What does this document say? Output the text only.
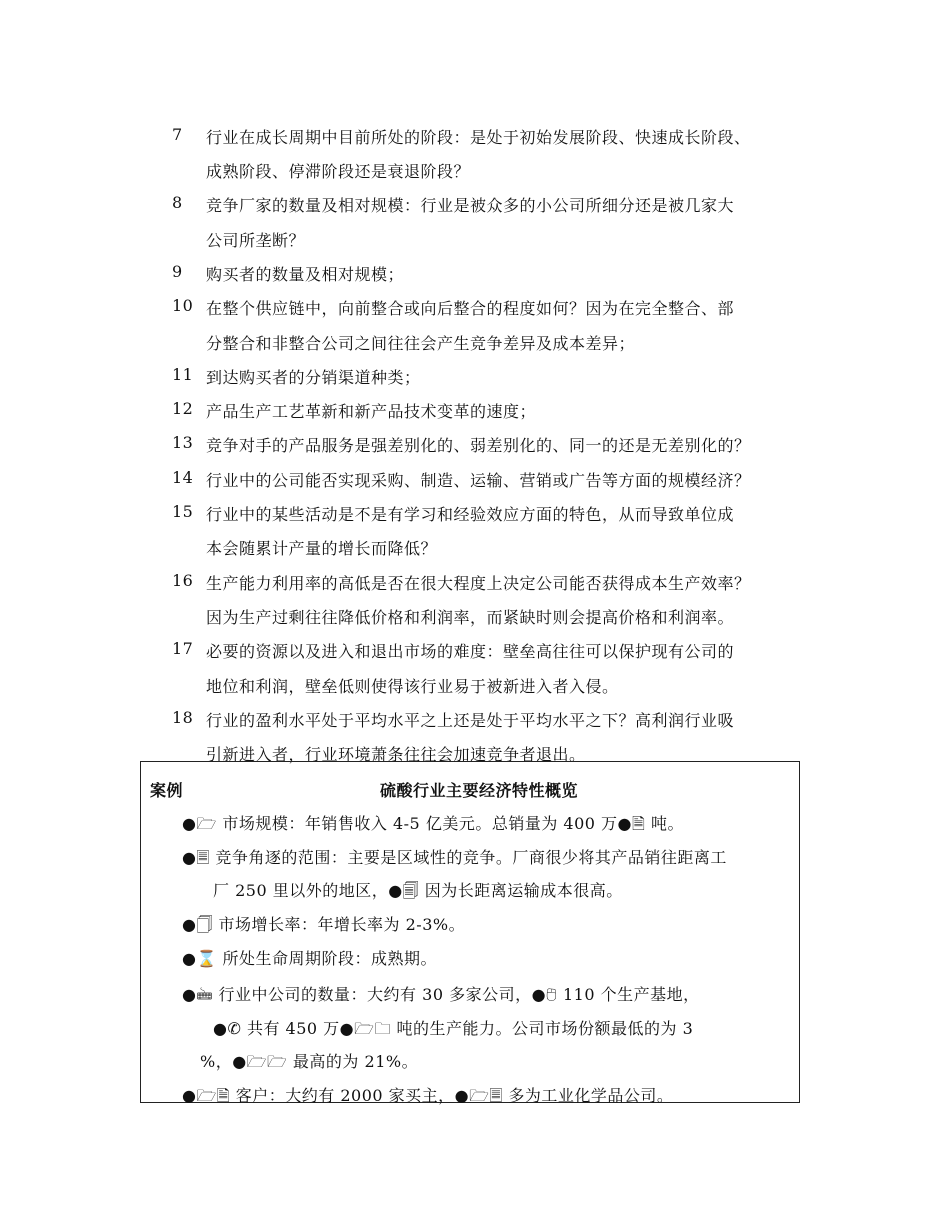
7 行业在成长周期中目前所处的阶段：是处于初始发展阶段、快速成长阶段、
成熟阶段、停滞阶段还是衰退阶段？
8 竞争厂家的数量及相对规模：行业是被众多的小公司所细分还是被几家大
公司所垄断？
9 购买者的数量及相对规模；
10 在整个供应链中，向前整合或向后整合的程度如何？因为在完全整合、部
分整合和非整合公司之间往往会产生竞争差异及成本差异；
11 到达购买者的分销渠道种类；
12 产品生产工艺革新和新产品技术变革的速度；
13 竞争对手的产品服务是强差别化的、弱差别化的、同一的还是无差别化的？
14 行业中的公司能否实现采购、制造、运输、营销或广告等方面的规模经济？
15 行业中的某些活动是不是有学习和经验效应方面的特色，从而导致单位成
本会随累计产量的增长而降低？
16 生产能力利用率的高低是否在很大程度上决定公司能否获得成本生产效率？
因为生产过剩往往降低价格和利润率，而紧缺时则会提高价格和利润率。
17 必要的资源以及进入和退出市场的难度：壁垒高往往可以保护现有公司的
地位和利润，壁垒低则使得该行业易于被新进入者入侵。
18 行业的盈利水平处于平均水平之上还是处于平均水平之下？高利润行业吸
引新进入者，行业环境萧条往往会加速竞争者退出。
案例	硫酸行业主要经济特性概览
●🗁 市场规模：年销售收入 4-5 亿美元。总销量为 400 万●🗎 吨。
●🗏 竞争角逐的范围：主要是区域性的竞争。厂商很少将其产品销往距离工
厂 250 里以外的地区，●🗐 因为长距离运输成本很高。
●🗍 市场增长率：年增长率为 2-3%。
●⌛ 所处生命周期阶段：成熟期。
●🖮 行业中公司的数量：大约有 30 多家公司，●🖰 110 个生产基地，
●✆ 共有 450 万●🗁🗀 吨的生产能力。公司市场份额最低的为 3
%，●🗁🗁 最高的为 21%。
●🗁🗎 客户：大约有 2000 家买主，●🗁🗏 多为工业化学品公司。
